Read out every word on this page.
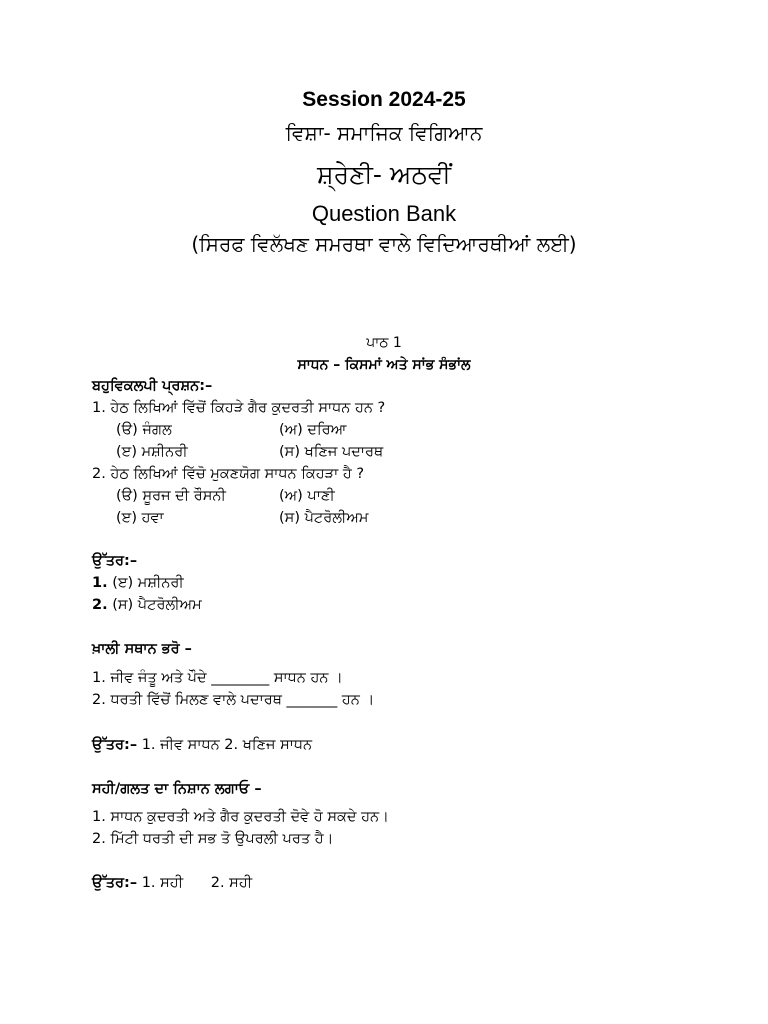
Session 2024-25
ਵਿਸ਼ਾ- ਸਮਾਜਿਕ ਵਿਗਿਆਨ
ਸ਼੍ਰੇਣੀ- ਅਠਵੀਂ
Question Bank
(ਸਿਰਫ ਵਿਲੱਖਣ ਸਮਰਥਾ ਵਾਲੇ ਵਿਦਿਆਰਥੀਆਂ ਲਈ)
ਪਾਠ 1
ਸਾਧਨ – ਕਿਸਮਾਂ ਅਤੇ ਸਾਂਭ ਸੰਭਾਂਲ
ਬਹੁਵਿਕਲਪੀ ਪ੍ਰਸ਼ਨ:–
1. ਹੇਠ ਲਿਖਿਆਂ ਵਿੱਚੋਂ ਕਿਹੜੇ ਗੈਰ ਕੁਦਰਤੀ ਸਾਧਨ ਹਨ ?
(ੳ) ਜੰਗਲ	(ਅ) ਦਰਿਆ
(ੲ) ਮਸ਼ੀਨਰੀ	(ਸ) ਖਣਿਜ ਪਦਾਰਥ
2. ਹੇਠ ਲਿਖਿਆਂ ਵਿੱਚੋ ਮੁਕਣਯੋਗ ਸਾਧਨ ਕਿਹੜਾ ਹੈ ?
(ੳ) ਸੂਰਜ ਦੀ ਰੌਸਨੀ	(ਅ) ਪਾਣੀ
(ੲ) ਹਵਾ	(ਸ) ਪੈਟਰੋਲੀਅਮ
ਉੱਤਰ:–
1. (ੲ) ਮਸ਼ੀਨਰੀ
2. (ਸ) ਪੈਟਰੋਲੀਅਮ
ਖ਼ਾਲੀ ਸਥਾਨ ਭਰੋ –
1. ਜੀਵ ਜੰਤੂ ਅਤੇ ਪੌਦੇ ________ ਸਾਧਨ ਹਨ ।
2. ਧਰਤੀ ਵਿੱਚੋਂ ਮਿਲਣ ਵਾਲੇ ਪਦਾਰਥ _______ ਹਨ ।
ਉੱਤਰ:– 1. ਜੀਵ ਸਾਧਨ 2. ਖਣਿਜ ਸਾਧਨ
ਸਹੀ/ਗਲਤ ਦਾ ਨਿਸ਼ਾਨ ਲਗਾਓ –
1. ਸਾਧਨ ਕੁਦਰਤੀ ਅਤੇ ਗੈਰ ਕੁਦਰਤੀ ਦੋਵੇ ਹੋ ਸਕਦੇ ਹਨ।
2. ਮਿੱਟੀ ਧਰਤੀ ਦੀ ਸਭ ਤੋ ਉਪਰਲੀ ਪਰਤ ਹੈ।
ਉੱਤਰ:– 1. ਸਹੀ      2. ਸਹੀ
